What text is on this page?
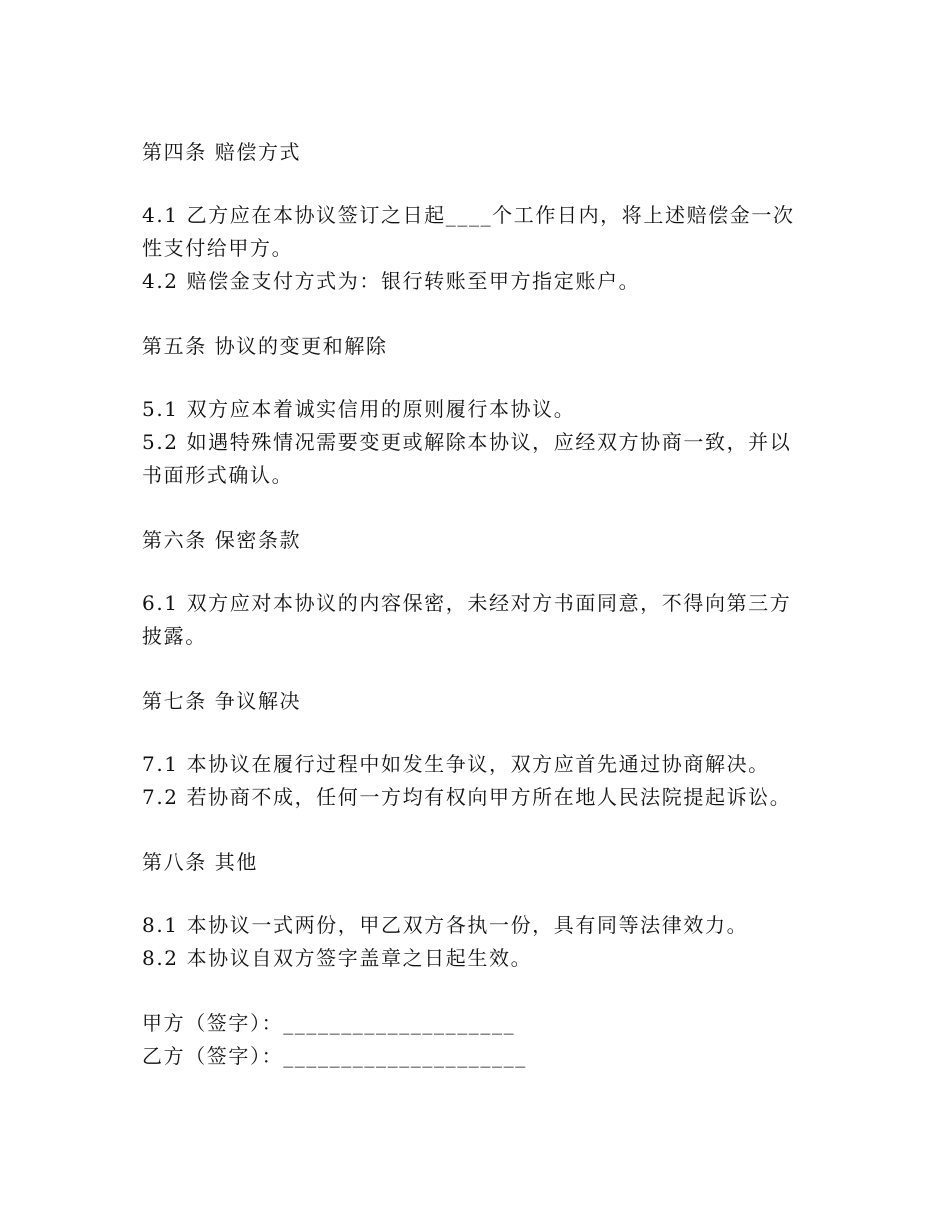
第四条 赔偿方式
4.1 乙方应在本协议签订之日起____个工作日内，将上述赔偿金一次
性支付给甲方。
4.2 赔偿金支付方式为：银行转账至甲方指定账户。
第五条 协议的变更和解除
5.1 双方应本着诚实信用的原则履行本协议。
5.2 如遇特殊情况需要变更或解除本协议，应经双方协商一致，并以
书面形式确认。
第六条 保密条款
6.1 双方应对本协议的内容保密，未经对方书面同意，不得向第三方
披露。
第七条 争议解决
7.1 本协议在履行过程中如发生争议，双方应首先通过协商解决。
7.2 若协商不成，任何一方均有权向甲方所在地人民法院提起诉讼。
第八条 其他
8.1 本协议一式两份，甲乙双方各执一份，具有同等法律效力。
8.2 本协议自双方签字盖章之日起生效。
甲方（签字）：____________________
乙方（签字）：_____________________
